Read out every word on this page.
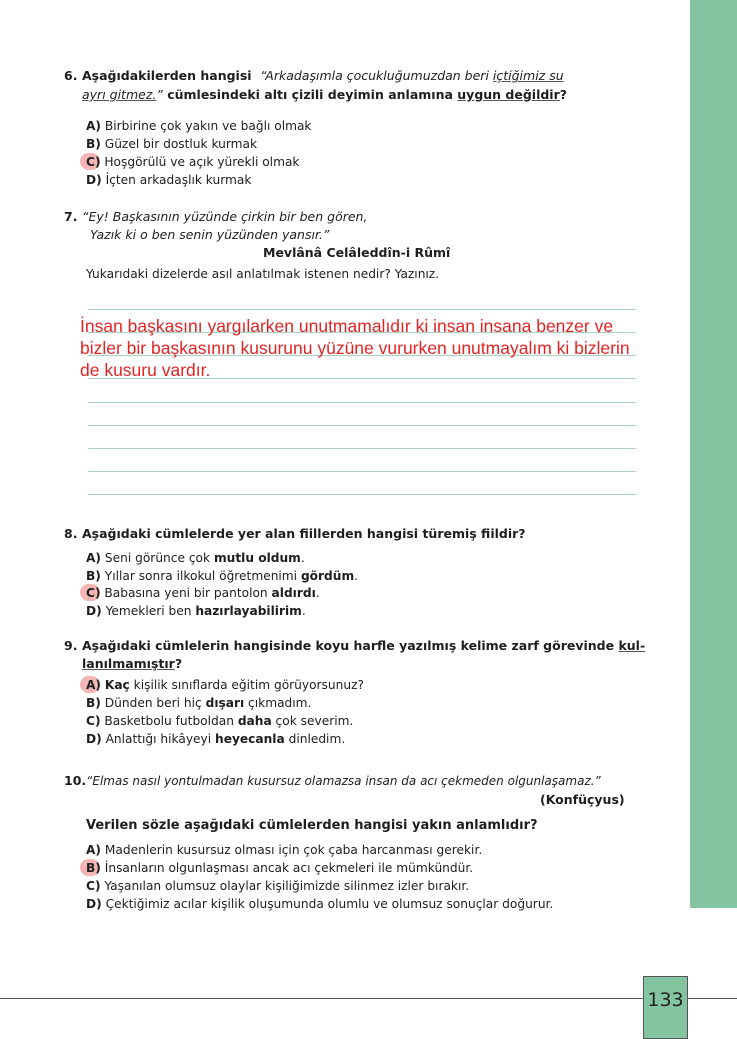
6. Aşağıdakilerden hangisi “Arkadaşımla çocukluğumuzdan beri içtiğimiz su
ayrı gitmez.” cümlesindeki altı çizili deyimin anlamına uygun değildir?
A) Birbirine çok yakın ve bağlı olmak
B) Güzel bir dostluk kurmak
C) Hoşgörülü ve açık yürekli olmak
D) İçten arkadaşlık kurmak
7. “Ey! Başkasının yüzünde çirkin bir ben gören,
Yazık ki o ben senin yüzünden yansır.”
Mevlânâ Celâleddîn-i Rûmî
Yukarıdaki dizelerde asıl anlatılmak istenen nedir? Yazınız.
İnsan başkasını yargılarken unutmamalıdır ki insan insana benzer ve
bizler bir başkasının kusurunu yüzüne vururken unutmayalım ki bizlerin
de kusuru vardır.
8. Aşağıdaki cümlelerde yer alan fiillerden hangisi türemiş fiildir?
A) Seni görünce çok mutlu oldum.
B) Yıllar sonra ilkokul öğretmenimi gördüm.
C) Babasına yeni bir pantolon aldırdı.
D) Yemekleri ben hazırlayabilirim.
9. Aşağıdaki cümlelerin hangisinde koyu harfle yazılmış kelime zarf görevinde kul-
lanılmamıştır?
A) Kaç kişilik sınıflarda eğitim görüyorsunuz?
B) Dünden beri hiç dışarı çıkmadım.
C) Basketbolu futboldan daha çok severim.
D) Anlattığı hikâyeyi heyecanla dinledim.
10.“Elmas nasıl yontulmadan kusursuz olamazsa insan da acı çekmeden olgunlaşamaz.”
(Konfüçyus)
Verilen sözle aşağıdaki cümlelerden hangisi yakın anlamlıdır?
A) Madenlerin kusursuz olması için çok çaba harcanması gerekir.
B) İnsanların olgunlaşması ancak acı çekmeleri ile mümkündür.
C) Yaşanılan olumsuz olaylar kişiliğimizde silinmez izler bırakır.
D) Çektiğimiz acılar kişilik oluşumunda olumlu ve olumsuz sonuçlar doğurur.
133
